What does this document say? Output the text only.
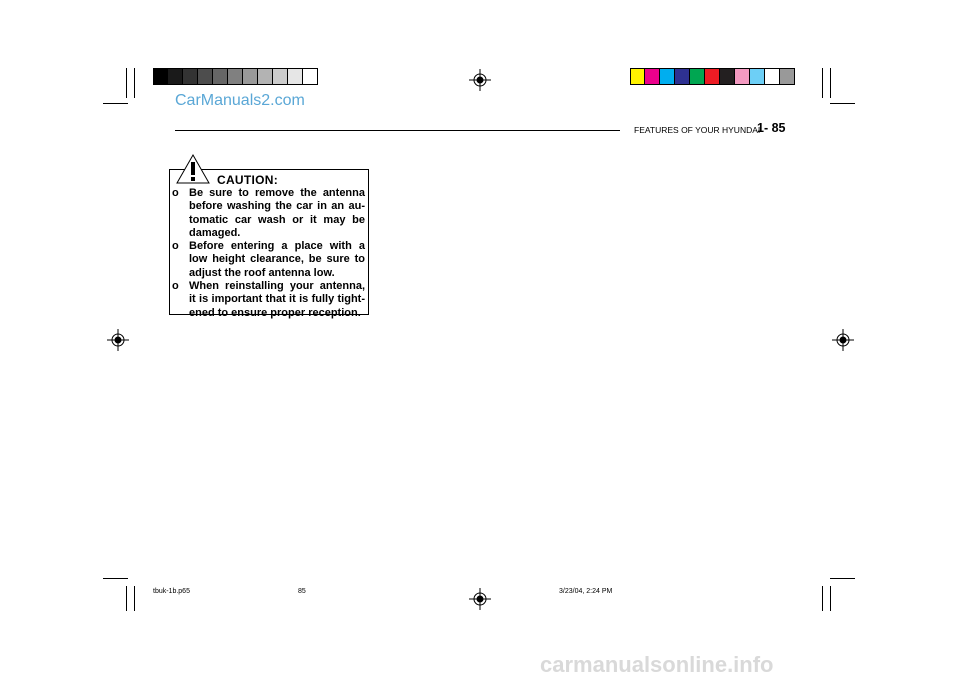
CarManuals2.com
FEATURES OF YOUR HYUNDAI
1- 85
CAUTION:
o Be sure to remove the antenna before washing the car in an au-tomatic car wash or it may be damaged.
o Before entering a place with a low height clearance, be sure to adjust the roof antenna low.
o When reinstalling your antenna, it is important that it is fully tight-ened to ensure proper reception.
tbuk-1b.p65	85	3/23/04, 2:24 PM
carmanualsonline.info
